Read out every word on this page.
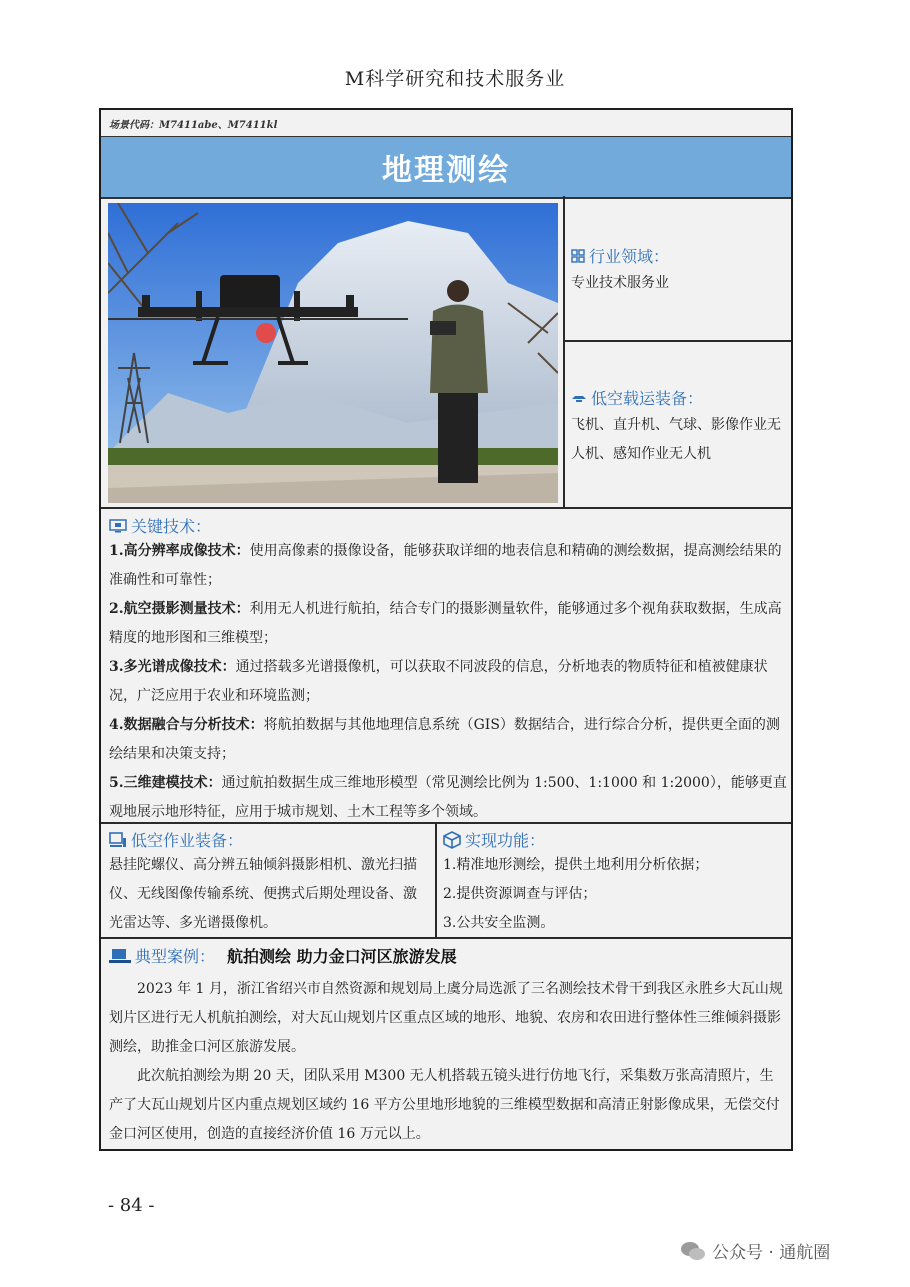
M科学研究和技术服务业
场景代码：M7411abe、M7411kl
地理测绘
行业领域：
专业技术服务业
低空载运装备：
飞机、直升机、气球、影像作业无人机、感知作业无人机
关键技术：

1.高分辨率成像技术：使用高像素的摄像设备，能够获取详细的地表信息和精确的测绘数据，提高测绘结果的准确性和可靠性；

2.航空摄影测量技术：利用无人机进行航拍，结合专门的摄影测量软件，能够通过多个视角获取数据，生成高精度的地形图和三维模型；

3.多光谱成像技术：通过搭载多光谱摄像机，可以获取不同波段的信息，分析地表的物质特征和植被健康状况，广泛应用于农业和环境监测；

4.数据融合与分析技术：将航拍数据与其他地理信息系统（GIS）数据结合，进行综合分析，提供更全面的测绘结果和决策支持；

5.三维建模技术：通过航拍数据生成三维地形模型（常见测绘比例为 1:500、1:1000 和 1:2000），能够更直观地展示地形特征，应用于城市规划、土木工程等多个领域。

低空作业装备：
悬挂陀螺仪、高分辨五轴倾斜摄影相机、激光扫描仪、无线图像传输系统、便携式后期处理设备、激光雷达等、多光谱摄像机。
实现功能：
1.精准地形测绘，提供土地利用分析依据；
2.提供资源调查与评估；
3.公共安全监测。
典型案例： 航拍测绘 助力金口河区旅游发展

2023 年 1 月，浙江省绍兴市自然资源和规划局上虞分局选派了三名测绘技术骨干到我区永胜乡大瓦山规划片区进行无人机航拍测绘，对大瓦山规划片区重点区域的地形、地貌、农房和农田进行整体性三维倾斜摄影测绘，助推金口河区旅游发展。

此次航拍测绘为期 20 天，团队采用 M300 无人机搭载五镜头进行仿地飞行，采集数万张高清照片，生产了大瓦山规划片区内重点规划区域约 16 平方公里地形地貌的三维模型数据和高清正射影像成果，无偿交付金口河区使用，创造的直接经济价值 16 万元以上。

- 84 -
公众号 · 通航圈
